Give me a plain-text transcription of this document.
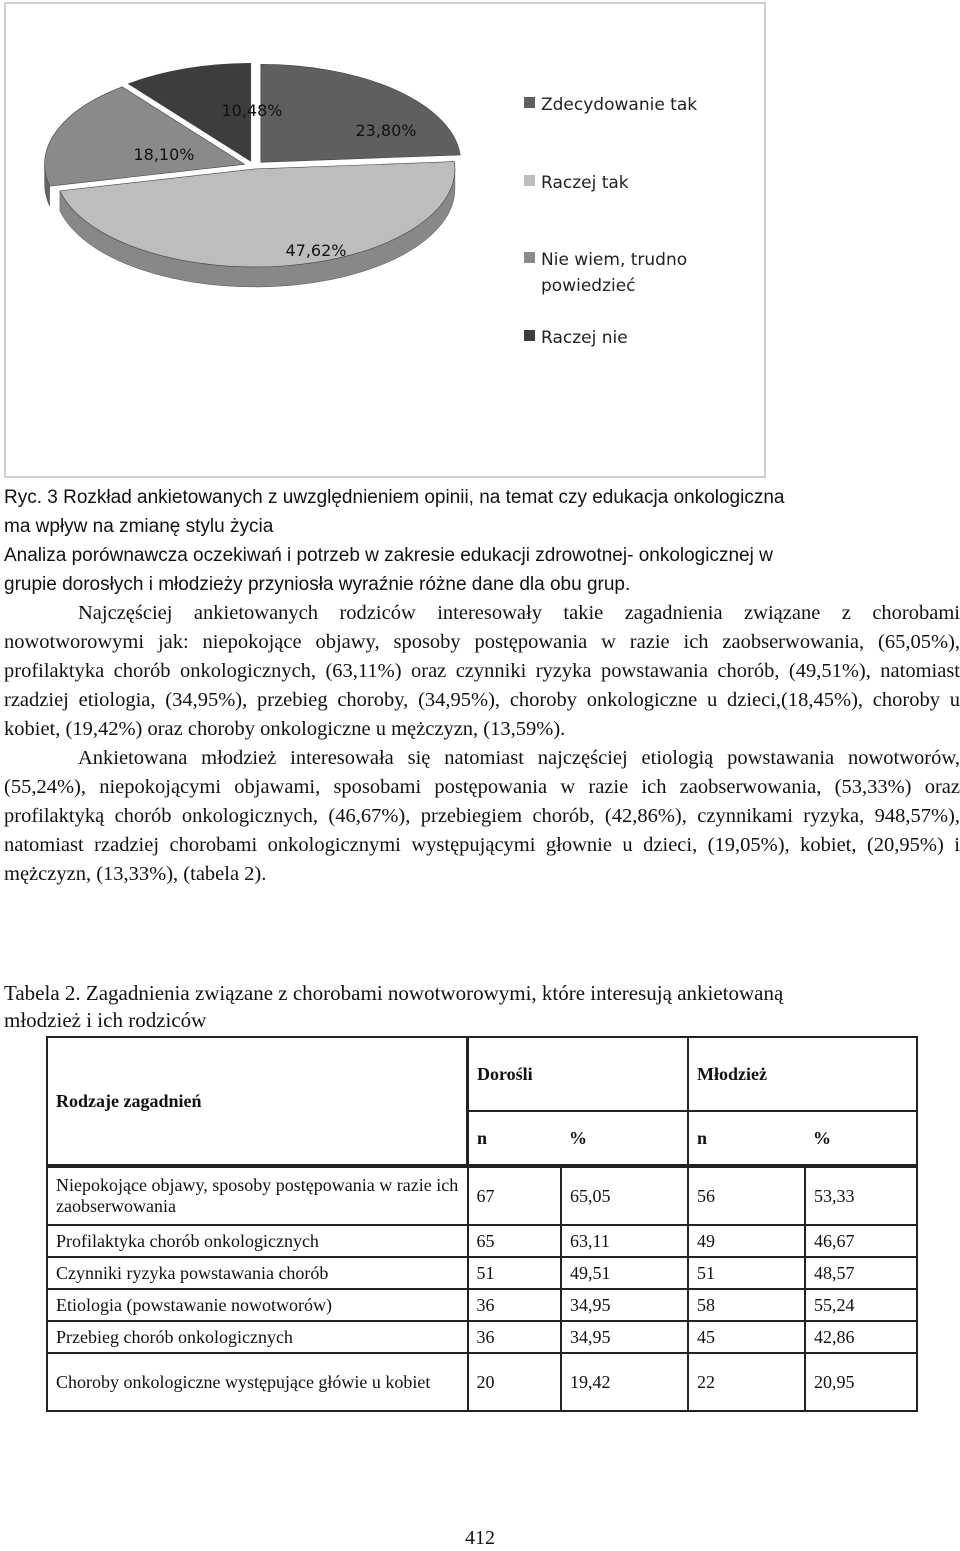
23,80%
47,62%
18,10%
10,48%	Zdecydowanie tak
Raczej tak
Nie wiem, trudno powiedzieć
Raczej nie
Ryc. 3 Rozkład ankietowanych z uwzględnieniem opinii, na temat czy edukacja onkologiczna
ma wpływ na zmianę stylu życia
Analiza porównawcza oczekiwań i potrzeb w zakresie edukacji zdrowotnej- onkologicznej w
grupie dorosłych i młodzieży przyniosła wyraźnie różne dane dla obu grup.

Najczęściej ankietowanych rodziców interesowały takie zagadnienia związane z chorobami nowotworowymi jak: niepokojące objawy, sposoby postępowania w razie ich zaobserwowania, (65,05%), profilaktyka chorób onkologicznych, (63,11%) oraz czynniki ryzyka powstawania chorób, (49,51%), natomiast rzadziej etiologia, (34,95%), przebieg choroby, (34,95%), choroby onkologiczne u dzieci,(18,45%), choroby u kobiet, (19,42%) oraz choroby onkologiczne u mężczyzn, (13,59%).

Ankietowana młodzież interesowała się natomiast najczęściej etiologią powstawania nowotworów, (55,24%), niepokojącymi objawami, sposobami postępowania w razie ich zaobserwowania, (53,33%) oraz profilaktyką chorób onkologicznych, (46,67%), przebiegiem chorób, (42,86%), czynnikami ryzyka, 948,57%), natomiast rzadziej chorobami onkologicznymi występującymi głownie u dzieci, (19,05%), kobiet, (20,95%) i mężczyzn, (13,33%), (tabela 2).

Tabela 2. Zagadnienia związane z chorobami nowotworowymi, które interesują ankietowaną
młodzież i ich rodziców
Rodzaje zagadnień	Dorośli		Młodzież	
	n	%	n	%
Niepokojące objawy, sposoby postępowania w razie ich zaobserwowania	67	65,05	56	53,33
Profilaktyka chorób onkologicznych	65	63,11	49	46,67
Czynniki ryzyka powstawania chorób	51	49,51	51	48,57
Etiologia (powstawanie nowotworów)	36	34,95	58	55,24
Przebieg chorób onkologicznych	36	34,95	45	42,86
Choroby onkologiczne występujące główie u kobiet	20	19,42	22	20,95
412
